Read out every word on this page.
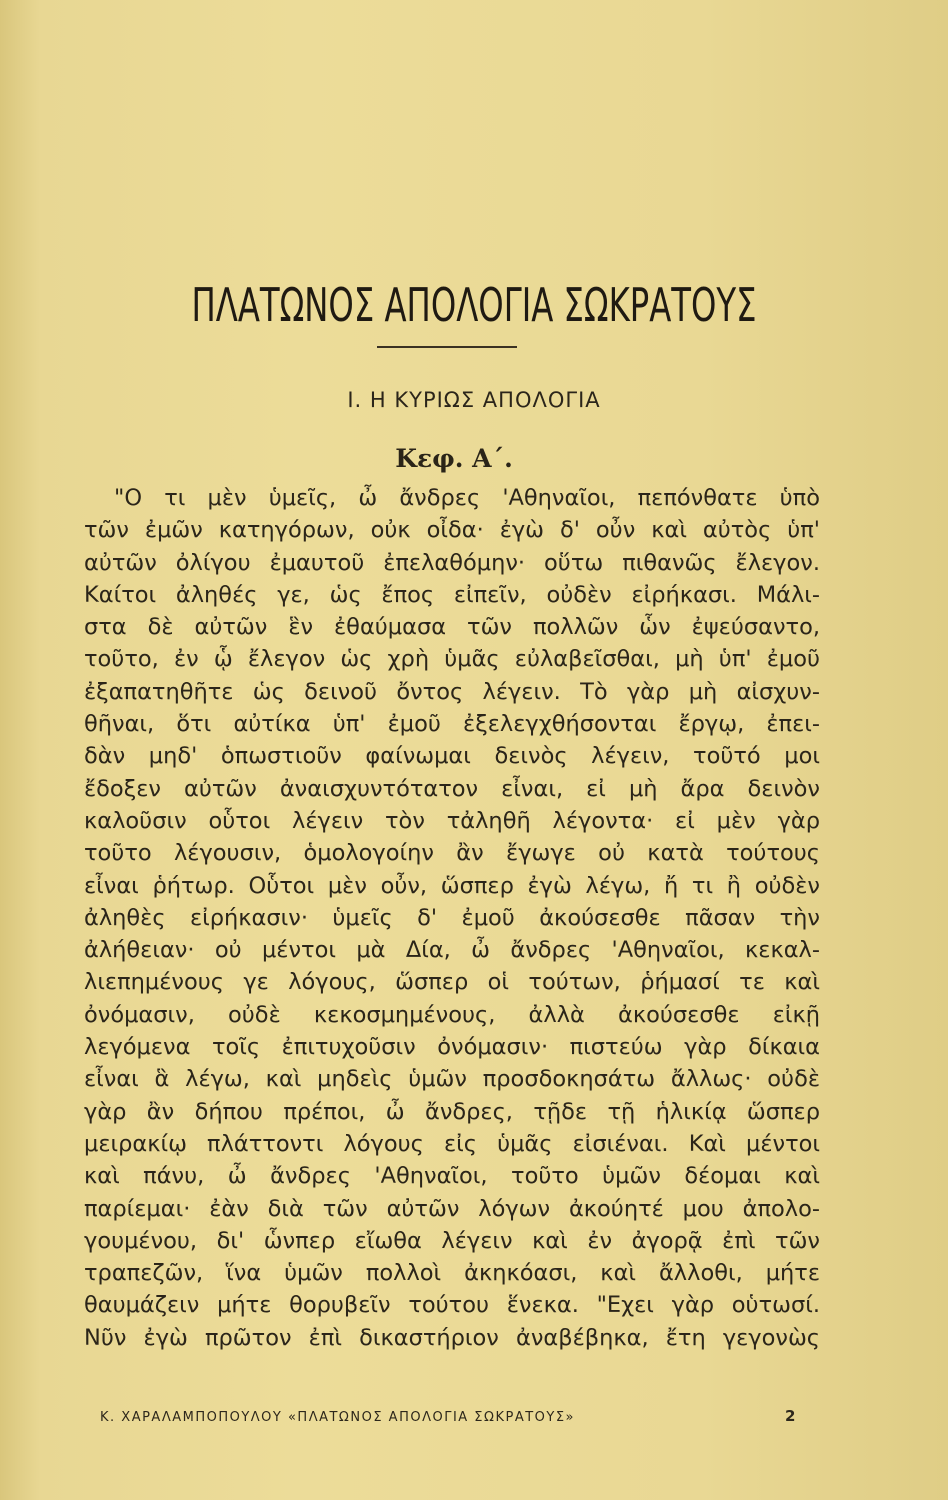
ΠΛΑΤΩΝΟΣ ΑΠΟΛΟΓΙΑ ΣΩΚΡΑΤΟΥΣ
Ι. Η ΚΥΡΙΩΣ ΑΠΟΛΟΓΙΑ
Κεφ. Α΄.
"Ο τι μὲν ὑμεῖς, ὦ ἄνδρες 'Αθηναῖοι, πεπόνθατε ὑπὸ
τῶν ἐμῶν κατηγόρων, οὐκ οἶδα· ἐγὼ δ' οὖν καὶ αὐτὸς ὑπ'
αὐτῶν ὀλίγου ἐμαυτοῦ ἐπελαθόμην· οὕτω πιθανῶς ἔλεγον.
Καίτοι ἀληθές γε, ὡς ἔπος εἰπεῖν, οὐδὲν εἰρήκασι. Μάλι-
στα δὲ αὐτῶν ἓν ἐθαύμασα τῶν πολλῶν ὧν ἐψεύσαντο,
τοῦτο, ἐν ᾧ ἔλεγον ὡς χρὴ ὑμᾶς εὐλαβεῖσθαι, μὴ ὑπ' ἐμοῦ
ἐξαπατηθῆτε ὡς δεινοῦ ὄντος λέγειν. Τὸ γὰρ μὴ αἰσχυν-
θῆναι, ὅτι αὐτίκα ὑπ' ἐμοῦ ἐξελεγχθήσονται ἔργῳ, ἐπει-
δὰν μηδ' ὁπωστιοῦν φαίνωμαι δεινὸς λέγειν, τοῦτό μοι
ἔδοξεν αὐτῶν ἀναισχυντότατον εἶναι, εἰ μὴ ἄρα δεινὸν
καλοῦσιν οὗτοι λέγειν τὸν τἀληθῆ λέγοντα· εἰ μὲν γὰρ
τοῦτο λέγουσιν, ὁμολογοίην ἂν ἔγωγε οὐ κατὰ τούτους
εἶναι ῥήτωρ. Οὗτοι μὲν οὖν, ὥσπερ ἐγὼ λέγω, ἤ τι ἢ οὐδὲν
ἀληθὲς εἰρήκασιν· ὑμεῖς δ' ἐμοῦ ἀκούσεσθε πᾶσαν τὴν
ἀλήθειαν· οὐ μέντοι μὰ Δία, ὦ ἄνδρες 'Αθηναῖοι, κεκαλ-
λιεπημένους γε λόγους, ὥσπερ οἱ τούτων, ῥήμασί τε καὶ
ὀνόμασιν, οὐδὲ κεκοσμημένους, ἀλλὰ ἀκούσεσθε εἰκῇ
λεγόμενα τοῖς ἐπιτυχοῦσιν ὀνόμασιν· πιστεύω γὰρ δίκαια
εἶναι ἃ λέγω, καὶ μηδεὶς ὑμῶν προσδοκησάτω ἄλλως· οὐδὲ
γὰρ ἂν δήπου πρέποι, ὦ ἄνδρες, τῇδε τῇ ἡλικίᾳ ὥσπερ
μειρακίῳ πλάττοντι λόγους εἰς ὑμᾶς εἰσιέναι. Καὶ μέντοι
καὶ πάνυ, ὦ ἄνδρες 'Αθηναῖοι, τοῦτο ὑμῶν δέομαι καὶ
παρίεμαι· ἐὰν διὰ τῶν αὐτῶν λόγων ἀκούητέ μου ἀπολο-
γουμένου, δι' ὧνπερ εἴωθα λέγειν καὶ ἐν ἀγορᾷ ἐπὶ τῶν
τραπεζῶν, ἵνα ὑμῶν πολλοὶ ἀκηκόασι, καὶ ἄλλοθι, μήτε
θαυμάζειν μήτε θορυβεῖν τούτου ἕνεκα. "Εχει γὰρ οὑτωσί.
Νῦν ἐγὼ πρῶτον ἐπὶ δικαστήριον ἀναβέβηκα, ἔτη γεγονὼς
Κ. ΧΑΡΑΛΑΜΠΟΠΟΥΛΟΥ «ΠΛΑΤΩΝΟΣ ΑΠΟΛΟΓΙΑ ΣΩΚΡΑΤΟΥΣ»	2
